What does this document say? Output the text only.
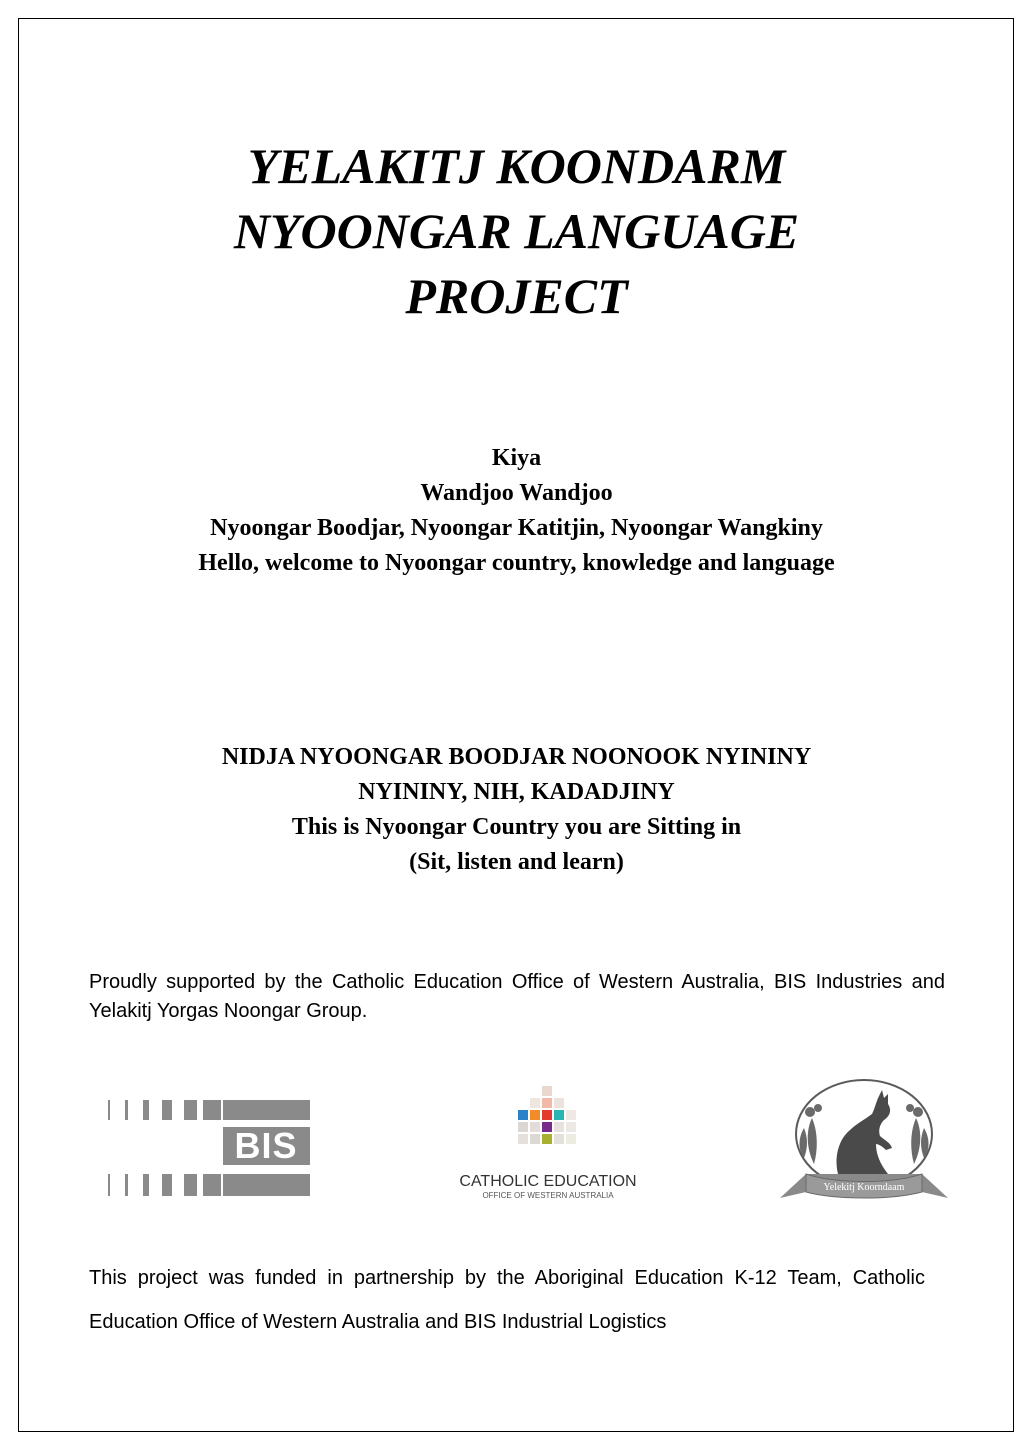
YELAKITJ KOONDARM
NYOONGAR LANGUAGE
PROJECT
Kiya
Wandjoo Wandjoo
Nyoongar Boodjar, Nyoongar Katitjin, Nyoongar Wangkiny
Hello, welcome to Nyoongar country, knowledge and language
NIDJA NYOONGAR BOODJAR NOONOOK NYININY
NYININY, NIH, KADADJINY
This is Nyoongar Country you are Sitting in
(Sit, listen and learn)
Proudly supported by the Catholic Education Office of Western Australia, BIS Industries and Yelakitj Yorgas Noongar Group.
BIS
CATHOLIC EDUCATION
OFFICE OF WESTERN AUSTRALIA
Yelekitj Koorndaam
This project was funded in partnership by the Aboriginal Education K-12 Team, Catholic Education Office of Western Australia and BIS Industrial Logistics
